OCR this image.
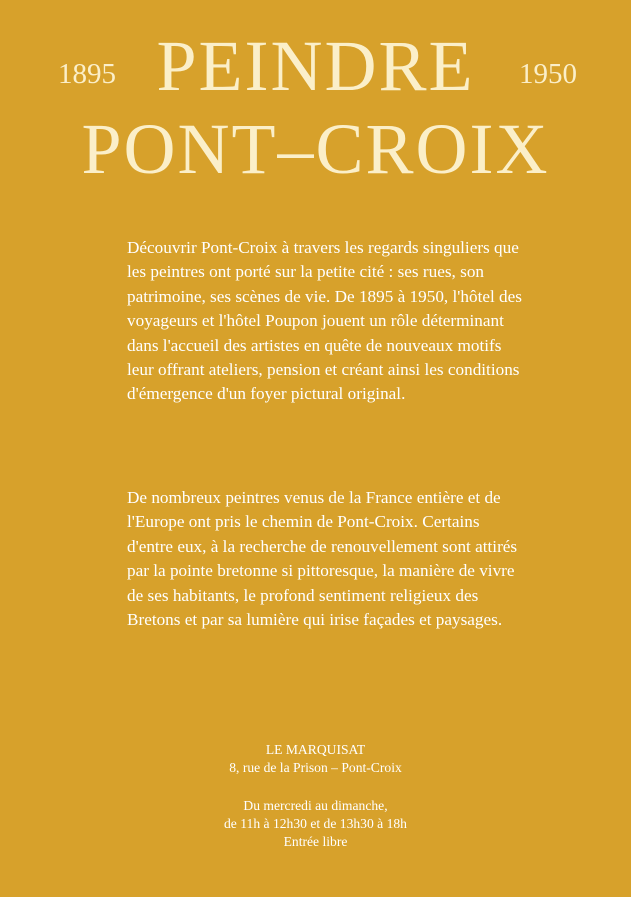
1895 PEINDRE	1950
PONT–CROIX
Découvrir Pont-Croix à travers les regards singuliers que les peintres ont porté sur la petite cité : ses rues, son patrimoine, ses scènes de vie. De 1895 à 1950, l'hôtel des voyageurs et l'hôtel Poupon jouent un rôle déterminant dans l'accueil des artistes en quête de nouveaux motifs leur offrant ateliers, pension et créant ainsi les conditions d'émergence d'un foyer pictural original.
De nombreux peintres venus de la France entière et de l'Europe ont pris le chemin de Pont-Croix. Certains d'entre eux, à la recherche de renouvellement sont attirés par la pointe bretonne si pittoresque, la manière de vivre de ses habitants, le profond sentiment religieux des Bretons et par sa lumière qui irise façades et paysages.
LE MARQUISAT
8, rue de la Prison – Pont-Croix
Du mercredi au dimanche,
de 11h à 12h30 et de 13h30 à 18h
Entrée libre
